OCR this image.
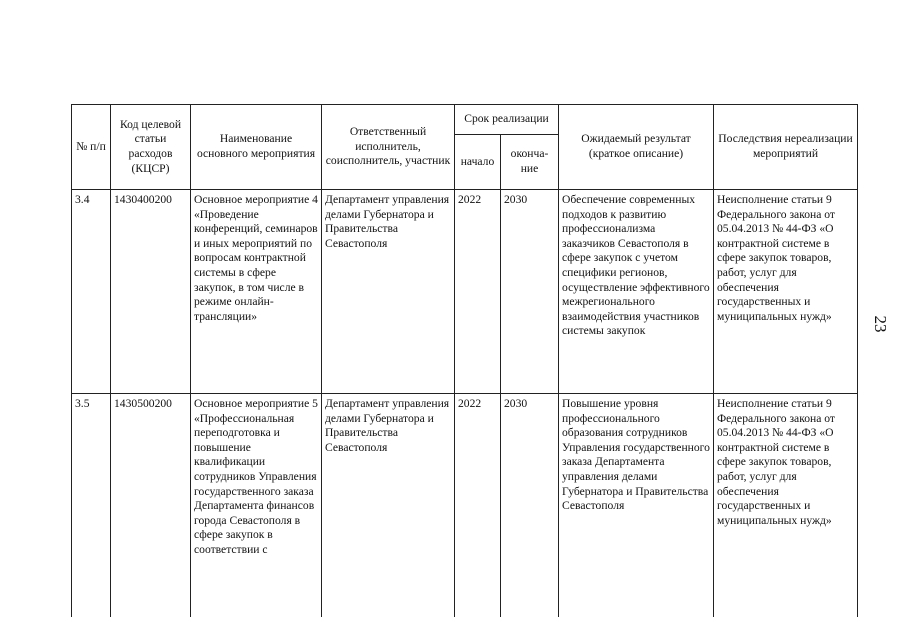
№ п/п	Код целевой статьи расходов (КЦСР)	Наименование основного мероприятия	Ответственный исполнитель, соисполнитель, участник	Срок реализации		Ожидаемый результат (краткое описание)	Последствия нереализации мероприятий
				начало	оконча-ние		
3.4	1430400200	Основное мероприятие 4 «Проведение конференций, семинаров и иных мероприятий по вопросам контрактной системы в сфере закупок, в том числе в режиме онлайн-трансляции»	Департамент управления делами Губернатора и Правительства Севастополя	2022	2030	Обеспечение современных подходов к развитию профессионализма заказчиков Севастополя в сфере закупок с учетом специфики регионов, осуществление эффективного межрегионального взаимодействия участников системы закупок	Неисполнение статьи 9 Федерального закона от 05.04.2013 № 44-ФЗ «О контрактной системе в сфере закупок товаров, работ, услуг для обеспечения государственных и муниципальных нужд»
3.5	1430500200	Основное мероприятие 5 «Профессиональная переподготовка и повышение квалификации сотрудников Управления государственного заказа Департамента финансов города Севастополя в сфере закупок в соответствии с	Департамент управления делами Губернатора и Правительства Севастополя	2022	2030	Повышение уровня профессионального образования сотрудников Управления государственного заказа Департамента управления делами Губернатора и Правительства Севастополя	Неисполнение статьи 9 Федерального закона от 05.04.2013 № 44-ФЗ «О контрактной системе в сфере закупок товаров, работ, услуг для обеспечения государственных и муниципальных нужд»
23
